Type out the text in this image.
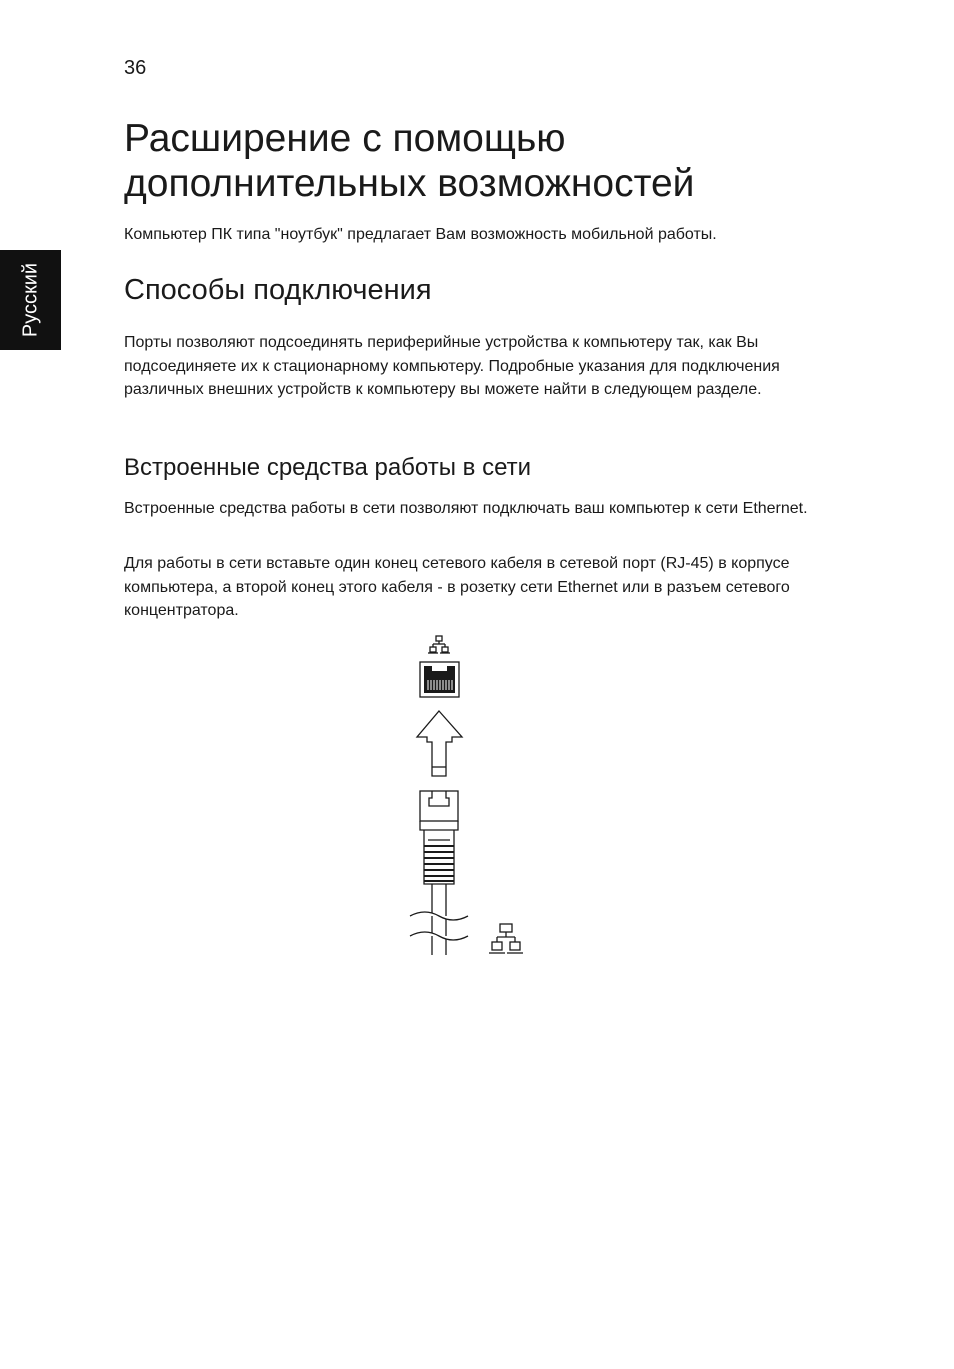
36
Расширение с помощью
дополнительных возможностей
Компьютер ПК типа "ноутбук" предлагает Вам возможность мобильной работы.
Русский	Способы подключения

Порты позволяют подсоединять периферийные устройства к компьютеру так, как Вы подсоединяете их к стационарному компьютеру. Подробные указания для подключения различных внешних устройств к компьютеру вы можете найти в следующем разделе.

Встроенные средства работы в сети

Встроенные средства работы в сети позволяют подключать ваш компьютер к сети Ethernet.

Для работы в сети вставьте один конец сетевого кабеля в сетевой порт (RJ-45) в корпусе компьютера, а второй конец этого кабеля - в розетку сети Ethernet или в разъем сетевого концентратора.
